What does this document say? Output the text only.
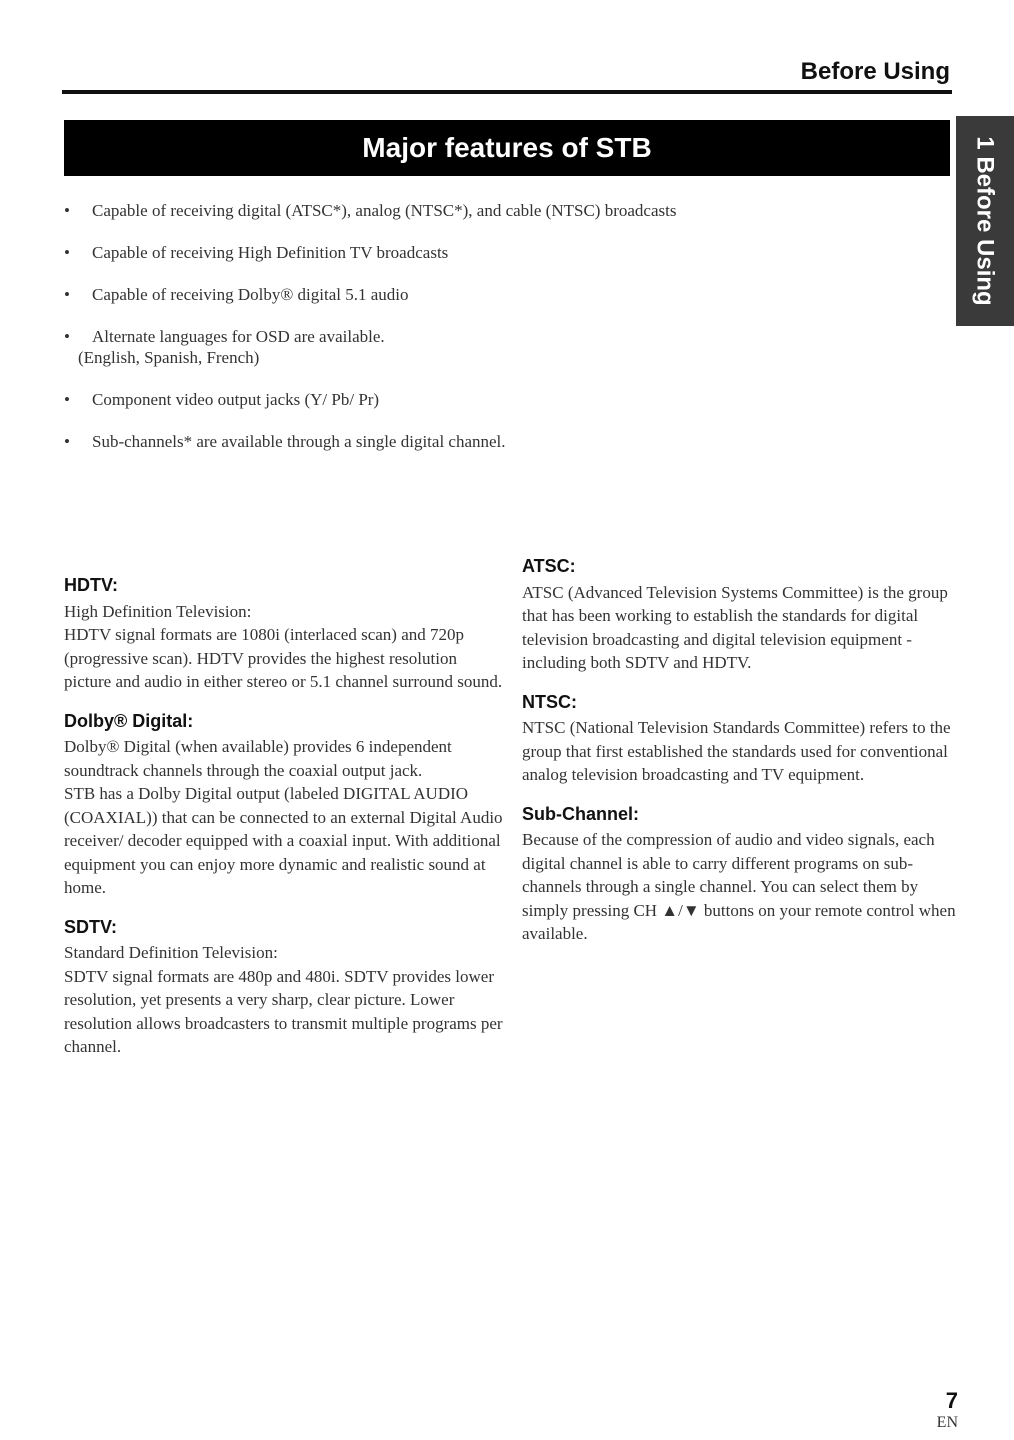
Before Using
Major features of STB	1 Before Using
• Capable of receiving digital (ATSC*), analog (NTSC*), and cable (NTSC) broadcasts
• Capable of receiving High Definition TV broadcasts
• Capable of receiving Dolby® digital 5.1 audio
• Alternate languages for OSD are available.
(English, Spanish, French)
• Component video output jacks (Y/ Pb/ Pr)
• Sub-channels* are available through a single digital channel.
HDTV:

High Definition Television:

HDTV signal formats are 1080i (interlaced scan) and 720p (progressive scan). HDTV provides the highest resolution picture and audio in either stereo or 5.1 channel surround sound.

Dolby® Digital:

Dolby® Digital (when available) provides 6 independent soundtrack channels through the coaxial output jack.

STB has a Dolby Digital output (labeled DIGITAL AUDIO (COAXIAL)) that can be connected to an external Digital Audio receiver/ decoder equipped with a coaxial input. With additional equipment you can enjoy more dynamic and realistic sound at home.

SDTV:

Standard Definition Television:

SDTV signal formats are 480p and 480i. SDTV provides lower resolution, yet presents a very sharp, clear picture. Lower resolution allows broadcasters to transmit multiple programs per channel.

ATSC:

ATSC (Advanced Television Systems Committee) is the group that has been working to establish the standards for digital television broadcasting and digital television equipment - including both SDTV and HDTV.

NTSC:

NTSC (National Television Standards Committee) refers to the group that first established the standards used for conventional analog television broadcasting and TV equipment.

Sub-Channel:

Because of the compression of audio and video signals, each digital channel is able to carry different programs on sub-channels through a single channel. You can select them by simply pressing CH ▲/▼ buttons on your remote control when available.

7
EN
